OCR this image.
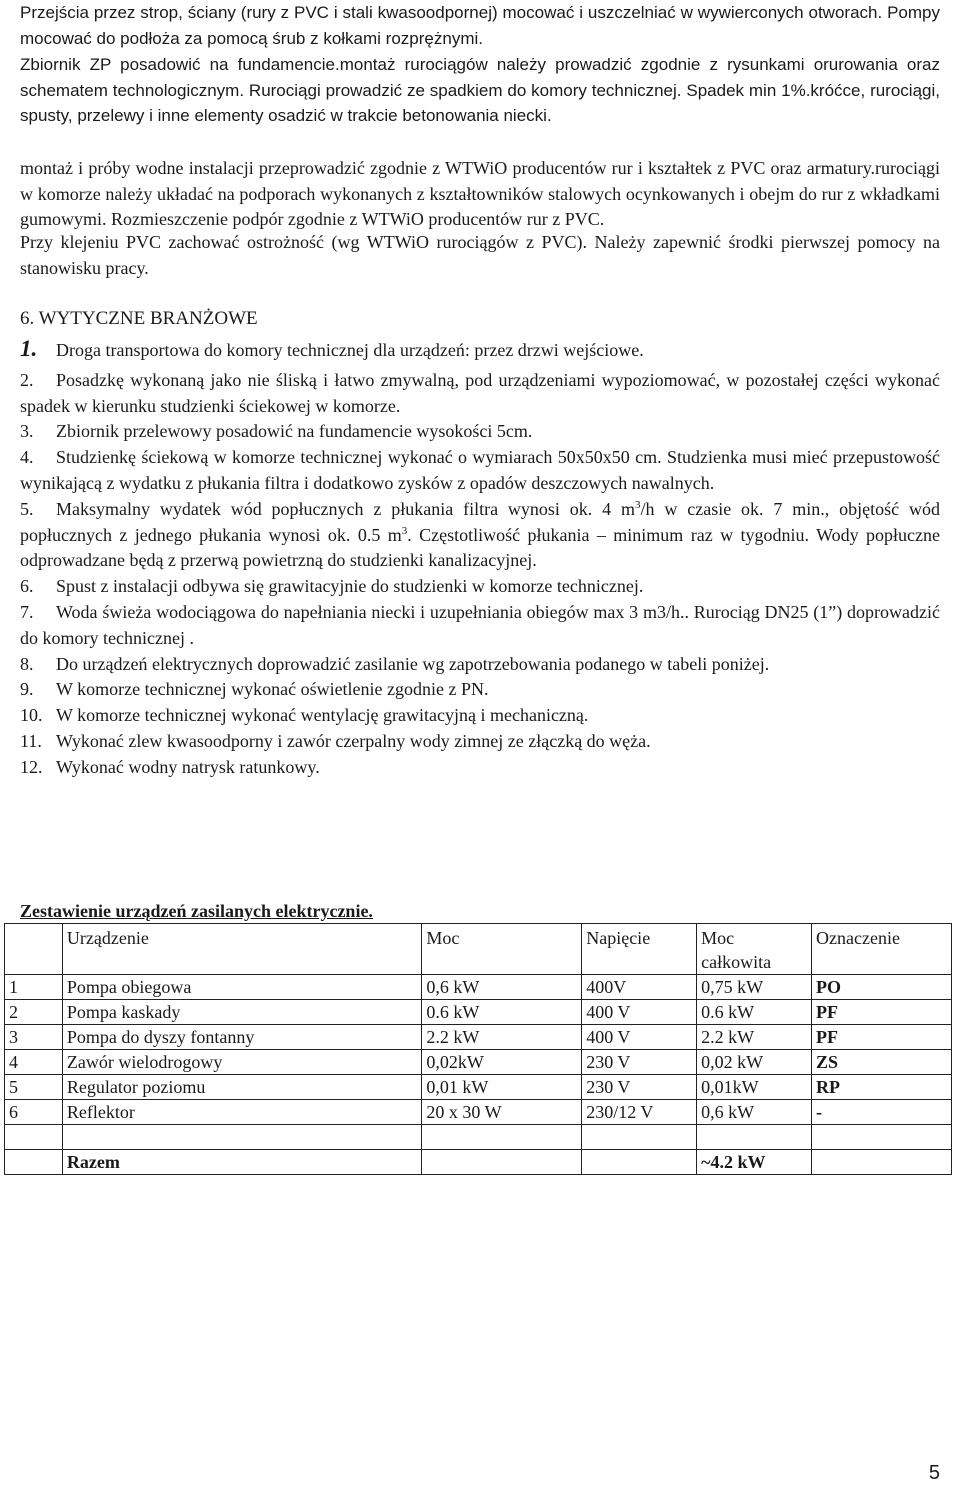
Przejścia przez strop, ściany (rury z PVC i stali kwasoodpornej) mocować i uszczelniać w wywierconych otworach. Pompy mocować do podłoża za pomocą śrub z kołkami rozprężnymi.

Zbiornik ZP posadowić na fundamencie.montaż rurociągów należy prowadzić zgodnie z rysunkami orurowania oraz schematem technologicznym. Rurociągi prowadzić ze spadkiem do komory technicznej. Spadek min 1%.króćce, rurociągi, spusty, przelewy i inne elementy osadzić w trakcie betonowania niecki.

montaż i próby wodne instalacji przeprowadzić zgodnie z WTWiO producentów rur i kształtek z PVC oraz armatury.rurociągi w komorze należy układać na podporach wykonanych z kształtowników stalowych ocynkowanych i obejm do rur z wkładkami gumowymi. Rozmieszczenie podpór zgodnie z WTWiO producentów rur z PVC.

Przy klejeniu PVC zachować ostrożność (wg WTWiO rurociągów z PVC). Należy zapewnić środki pierwszej pomocy na stanowisku pracy.

6. WYTYCZNE BRANŻOWE

1. Droga transportowa do komory technicznej dla urządzeń: przez drzwi wejściowe.

2. Posadzkę wykonaną jako nie śliską i łatwo zmywalną, pod urządzeniami wypoziomować, w pozostałej części wykonać spadek w kierunku studzienki ściekowej w komorze.

3. Zbiornik przelewowy posadowić na fundamencie wysokości 5cm.

4. Studzienkę ściekową w komorze technicznej wykonać o wymiarach 50x50x50 cm. Studzienka musi mieć przepustowość wynikającą z wydatku z płukania filtra i dodatkowo zysków z opadów deszczowych nawalnych.

5. Maksymalny wydatek wód popłucznych z płukania filtra wynosi ok. 4 $m^3/h$ w czasie ok. 7 min., objętość wód popłucznych z jednego płukania wynosi ok. 0.5 $m^3$. Częstotliwość płukania – minimum raz w tygodniu. Wody popłuczne odprowadzane będą z przerwą powietrzną do studzienki kanalizacyjnej.

6. Spust z instalacji odbywa się grawitacyjnie do studzienki w komorze technicznej.

7. Woda świeża wodociągowa do napełniania niecki i uzupełniania obiegów max 3 m3/h.. Rurociąg DN25 (1”) doprowadzić do komory technicznej .

8. Do urządzeń elektrycznych doprowadzić zasilanie wg zapotrzebowania podanego w tabeli poniżej.

9. W komorze technicznej wykonać oświetlenie zgodnie z PN.

10. W komorze technicznej wykonać wentylację grawitacyjną i mechaniczną.

11. Wykonać zlew kwasoodporny i zawór czerpalny wody zimnej ze złączką do węża.

12. Wykonać wodny natrysk ratunkowy.

Zestawienie urządzeń zasilanych elektrycznie.

	Urządzenie	Moc	Napięcie	Moc całkowita	Oznaczenie
1	Pompa obiegowa	0,6 kW	400V	0,75 kW	PO
2	Pompa kaskady	0.6 kW	400 V	0.6 kW	PF
3	Pompa do dyszy fontanny	2.2 kW	400 V	2.2 kW	PF
4	Zawór wielodrogowy	0,02kW	230 V	0,02 kW	ZS
5	Regulator poziomu	0,01 kW	230 V	0,01kW	RP
6	Reflektor	20 x 30 W	230/12 V	0,6 kW	-

	Razem			~4.2 kW	
5
